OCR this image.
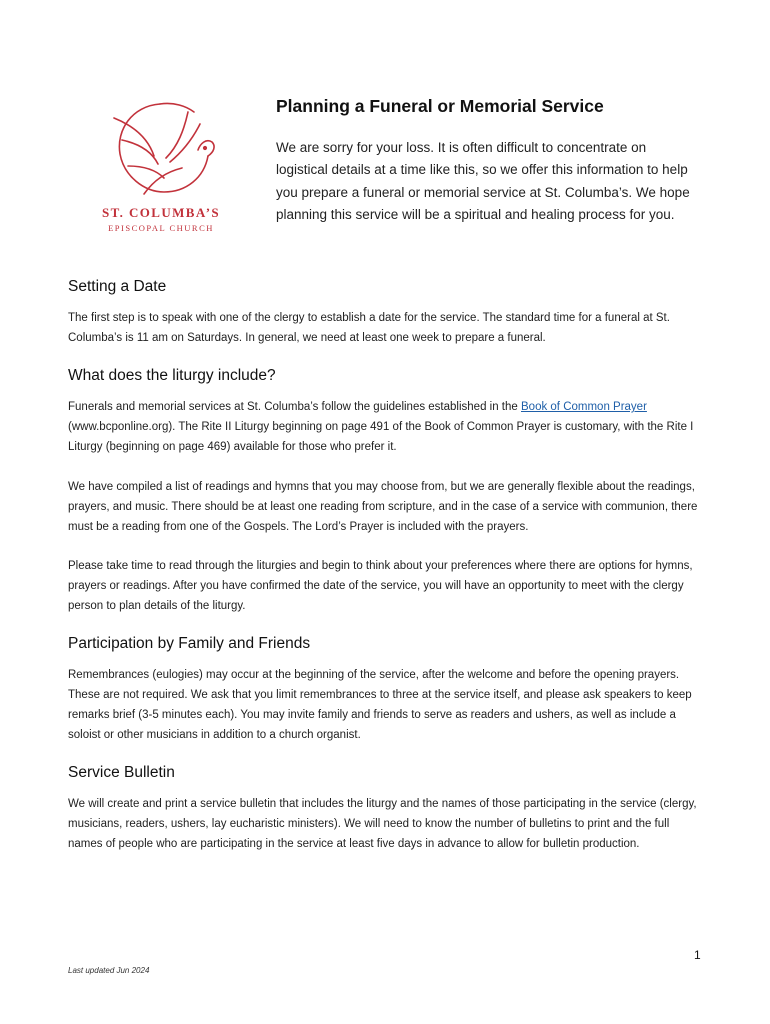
ST. COLUMBA’S
EPISCOPAL CHURCH
Planning a Funeral or Memorial Service

We are sorry for your loss. It is often difficult to concentrate on logistical details at a time like this, so we offer this information to help you prepare a funeral or memorial service at St. Columba’s. We hope planning this service will be a spiritual and healing process for you.

Setting a Date

The first step is to speak with one of the clergy to establish a date for the service. The standard time for a funeral at St. Columba’s is 11 am on Saturdays. In general, we need at least one week to prepare a funeral.

What does the liturgy include?

Funerals and memorial services at St. Columba’s follow the guidelines established in the Book of Common Prayer (www.bcponline.org). The Rite II Liturgy beginning on page 491 of the Book of Common Prayer is customary, with the Rite I Liturgy (beginning on page 469) available for those who prefer it.

We have compiled a list of readings and hymns that you may choose from, but we are generally flexible about the readings, prayers, and music. There should be at least one reading from scripture, and in the case of a service with communion, there must be a reading from one of the Gospels. The Lord’s Prayer is included with the prayers.

Please take time to read through the liturgies and begin to think about your preferences where there are options for hymns, prayers or readings. After you have confirmed the date of the service, you will have an opportunity to meet with the clergy person to plan details of the liturgy.

Participation by Family and Friends

Remembrances (eulogies) may occur at the beginning of the service, after the welcome and before the opening prayers. These are not required. We ask that you limit remembrances to three at the service itself, and please ask speakers to keep remarks brief (3-5 minutes each). You may invite family and friends to serve as readers and ushers, as well as include a soloist or other musicians in addition to a church organist.

Service Bulletin

We will create and print a service bulletin that includes the liturgy and the names of those participating in the service (clergy, musicians, readers, ushers, lay eucharistic ministers). We will need to know the number of bulletins to print and the full names of people who are participating in the service at least five days in advance to allow for bulletin production.

1
Last updated Jun 2024
